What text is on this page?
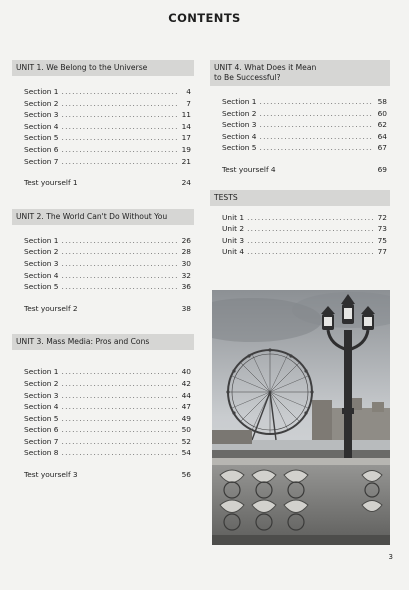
CONTENTS
UNIT 1. We Belong to the Universe
Section 1 .....	4
Section 2 .....	7
Section 3 .....	11
Section 4 .....	14
Section 5 .....	17
Section 6 .....	19
Section 7 .....	21
Test yourself 1	24
UNIT 2. The World Can't Do Without You
Section 1 .....	26
Section 2 .....	28
Section 3 .....	30
Section 4 .....	32
Section 5 .....	36
Test yourself 2	38
UNIT 3. Mass Media: Pros and Cons
Section 1 .....	40
Section 2 .....	42
Section 3 .....	44
Section 4 .....	47
Section 5 .....	49
Section 6 .....	50
Section 7 .....	52
Section 8 .....	54
Test yourself 3	56
UNIT 4. What Does it Mean
to Be Successful?
Section 1 .....	58
Section 2 .....	60
Section 3 .....	62
Section 4 .....	64
Section 5 .....	67
Test yourself 4	69
TESTS
Unit 1 .....	72
Unit 2 .....	73
Unit 3 .....	75
Unit 4 .....	77
3
